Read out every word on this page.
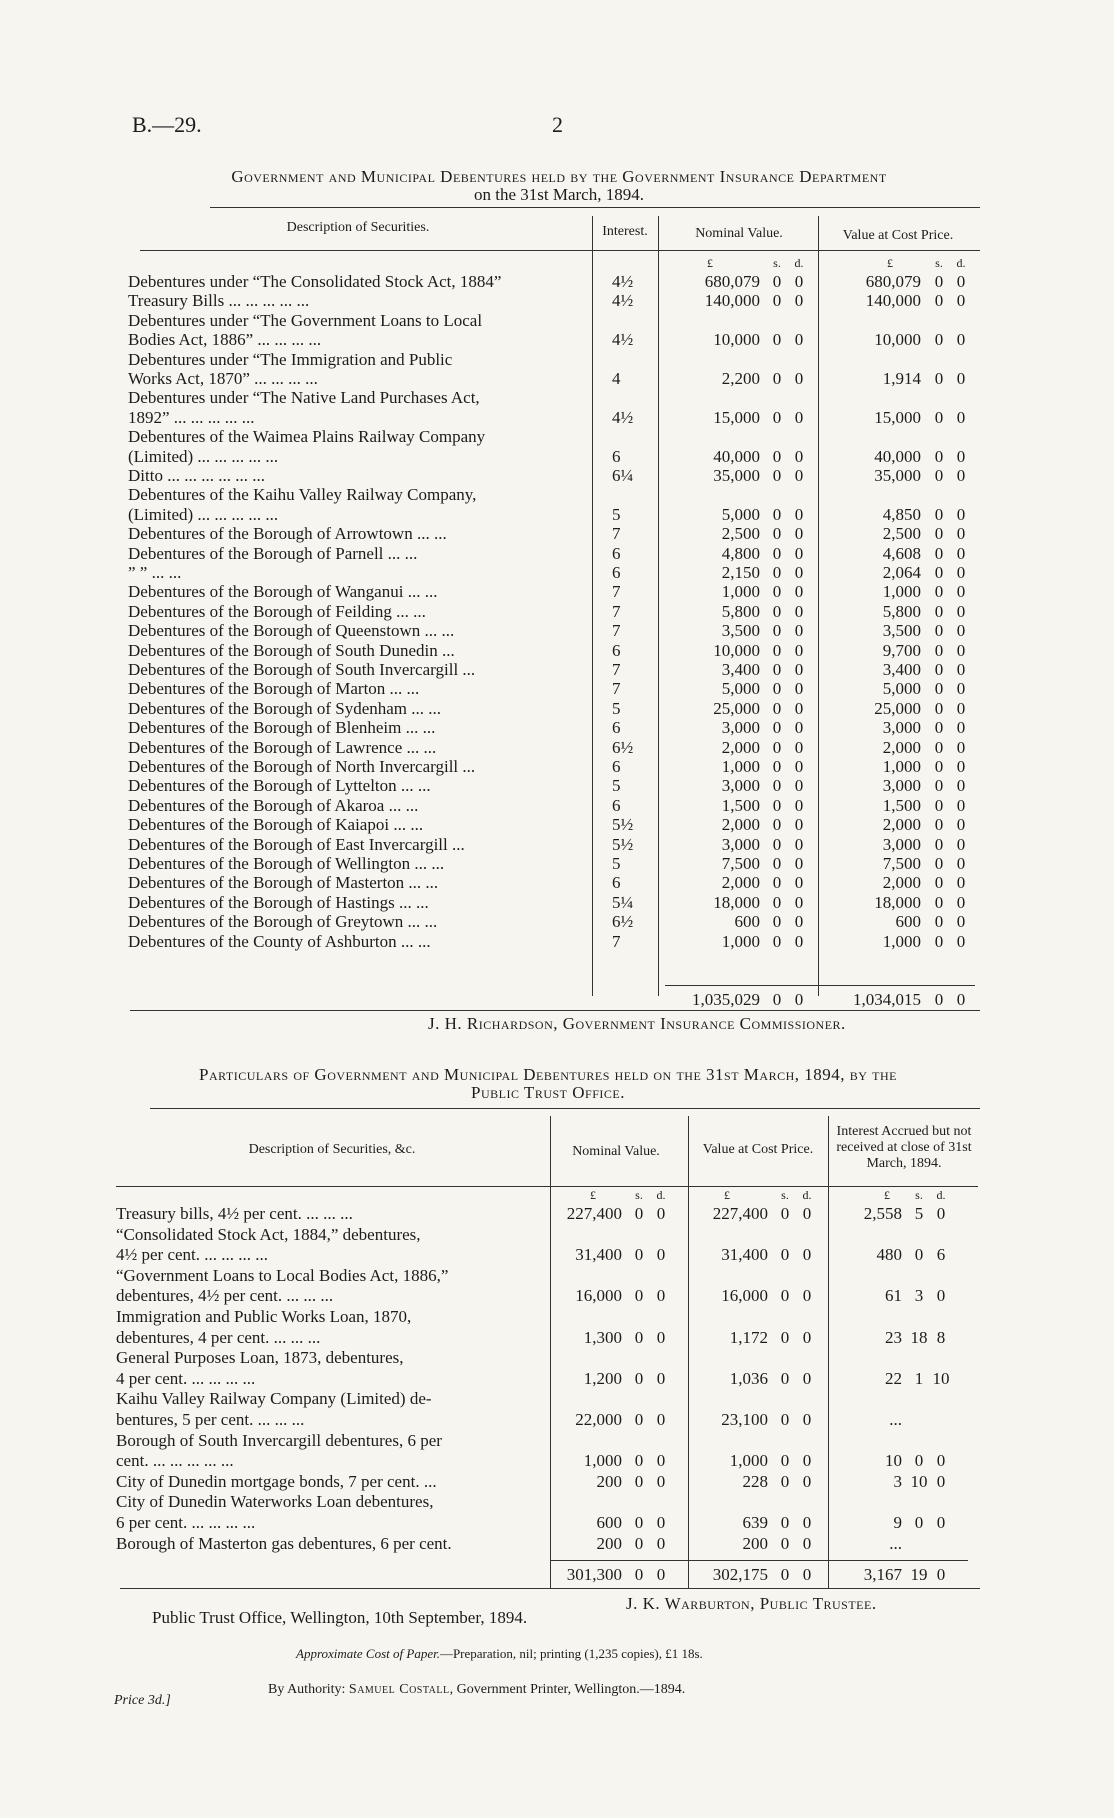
B.—29.	2
Government and Municipal Debentures held by the Government Insurance Department
on the 31st March, 1894.
Description of Securities.	Interest.	Nominal Value.	Value at Cost Price.
£	s. d.	£	s. d.
Debentures under “The Consolidated Stock Act, 1884”	4½	680,079 0 0	680,079 0 0
Treasury Bills ... ... ... ... ...	4½	140,000 0 0	140,000 0 0
Debentures under “The Government Loans to Local
Bodies Act, 1886” ... ... ... ...	4½	10,000 0 0	10,000 0 0
Debentures under “The Immigration and Public
Works Act, 1870” ... ... ... ...	4	2,200 0 0	1,914 0 0
Debentures under “The Native Land Purchases Act,
1892” ... ... ... ... ...	4½	15,000 0 0	15,000 0 0
Debentures of the Waimea Plains Railway Company
(Limited) ... ... ... ... ...	6	40,000 0 0	40,000 0 0
Ditto ... ... ... ... ... ...	6¼	35,000 0 0	35,000 0 0
Debentures of the Kaihu Valley Railway Company,
(Limited) ... ... ... ... ...	5	5,000 0 0	4,850 0 0
Debentures of the Borough of Arrowtown ... ...	7	2,500 0 0	2,500 0 0
Debentures of the Borough of Parnell ... ...	6	4,800 0 0	4,608 0 0
” ” ... ...	6	2,150 0 0	2,064 0 0
Debentures of the Borough of Wanganui ... ...	7	1,000 0 0	1,000 0 0
Debentures of the Borough of Feilding ... ...	7	5,800 0 0	5,800 0 0
Debentures of the Borough of Queenstown ... ...	7	3,500 0 0	3,500 0 0
Debentures of the Borough of South Dunedin ...	6	10,000 0 0	9,700 0 0
Debentures of the Borough of South Invercargill ...	7	3,400 0 0	3,400 0 0
Debentures of the Borough of Marton ... ...	7	5,000 0 0	5,000 0 0
Debentures of the Borough of Sydenham ... ...	5	25,000 0 0	25,000 0 0
Debentures of the Borough of Blenheim ... ...	6	3,000 0 0	3,000 0 0
Debentures of the Borough of Lawrence ... ...	6½	2,000 0 0	2,000 0 0
Debentures of the Borough of North Invercargill ...	6	1,000 0 0	1,000 0 0
Debentures of the Borough of Lyttelton ... ...	5	3,000 0 0	3,000 0 0
Debentures of the Borough of Akaroa ... ...	6	1,500 0 0	1,500 0 0
Debentures of the Borough of Kaiapoi ... ...	5½	2,000 0 0	2,000 0 0
Debentures of the Borough of East Invercargill ...	5½	3,000 0 0	3,000 0 0
Debentures of the Borough of Wellington ... ...	5	7,500 0 0	7,500 0 0
Debentures of the Borough of Masterton ... ...	6	2,000 0 0	2,000 0 0
Debentures of the Borough of Hastings ... ...	5¼	18,000 0 0	18,000 0 0
Debentures of the Borough of Greytown ... ...	6½	600 0 0	600 0 0
Debentures of the County of Ashburton ... ...	7	1,000 0 0	1,000 0 0
1,035,029 0 0	1,034,015 0 0
J. H. Richardson, Government Insurance Commissioner.
Particulars of Government and Municipal Debentures held on the 31st March, 1894, by the
Public Trust Office.
Description of Securities, &c.	Nominal Value.	Value at Cost Price.
Interest Accrued but not received at close of 31st March, 1894.
£	s. d.	£	s. d.	£	s. d.
Treasury bills, 4½ per cent. ... ... ...	227,400 0 0	227,400 0 0	2,558 5 0
“Consolidated Stock Act, 1884,” debentures,
4½ per cent. ... ... ... ...	31,400 0 0	31,400 0 0	480 0 6
“Government Loans to Local Bodies Act, 1886,”
debentures, 4½ per cent. ... ... ...	16,000 0 0	16,000 0 0	61 3 0
Immigration and Public Works Loan, 1870,
debentures, 4 per cent. ... ... ...	1,300 0 0	1,172 0 0	23 18 8
General Purposes Loan, 1873, debentures,
4 per cent. ... ... ... ...	1,200 0 0	1,036 0 0	22 1 10
Kaihu Valley Railway Company (Limited) de-
bentures, 5 per cent. ... ... ...	22,000 0 0	23,100 0 0	...
Borough of South Invercargill debentures, 6 per
cent. ... ... ... ... ...	1,000 0 0	1,000 0 0	10 0 0
City of Dunedin mortgage bonds, 7 per cent. ...	200 0 0	228 0 0	3 10 0
City of Dunedin Waterworks Loan debentures,
6 per cent. ... ... ... ...	600 0 0	639 0 0	9 0 0
Borough of Masterton gas debentures, 6 per cent.	200 0 0	200 0 0	...
301,300 0 0	302,175 0 0	3,167 19 0
J. K. Warburton, Public Trustee.
Public Trust Office, Wellington, 10th September, 1894.
Approximate Cost of Paper.—Preparation, nil; printing (1,235 copies), £1 18s.
Price 3d.]
By Authority: Samuel Costall, Government Printer, Wellington.—1894.
